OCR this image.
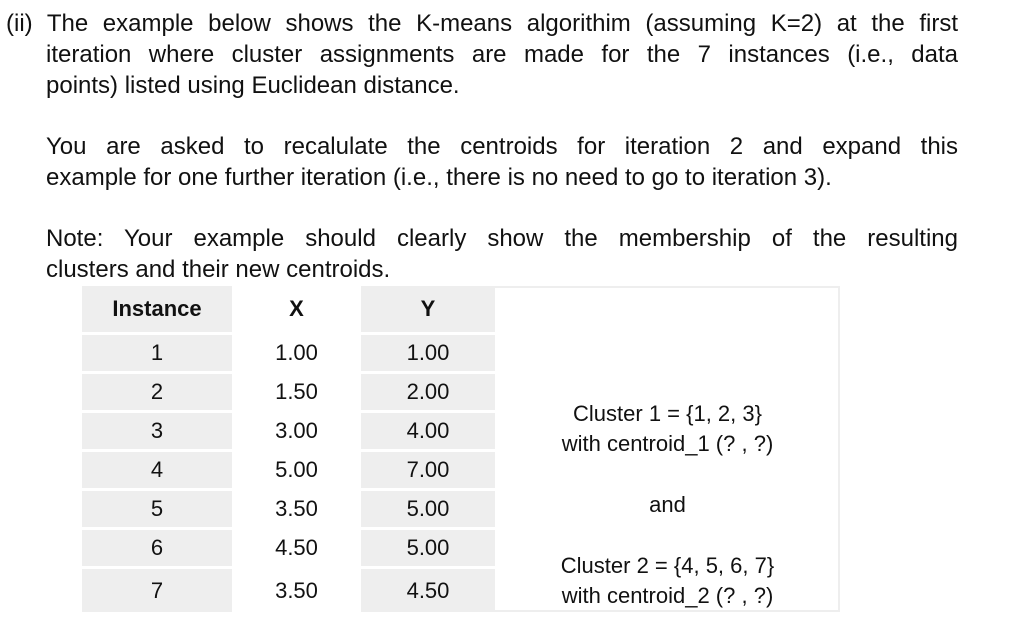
(ii) The example below shows the K-means algorithim (assuming K=2) at the first
iteration where cluster assignments are made for the 7 instances (i.e., data
points) listed using Euclidean distance.
You are asked to recalulate the centroids for iteration 2 and expand this
example for one further iteration (i.e., there is no need to go to iteration 3).
Note: Your example should clearly show the membership of the resulting
clusters and their new centroids.
Instance	X	Y
1	1.00	1.00
2	1.50	2.00
3	3.00	4.00
4	5.00	7.00
5	3.50	5.00
6	4.50	5.00
7	3.50	4.50
Cluster 1 = {1, 2, 3}
with centroid_1 (? , ?)
and
Cluster 2 = {4, 5, 6, 7}
with centroid_2 (? , ?)
